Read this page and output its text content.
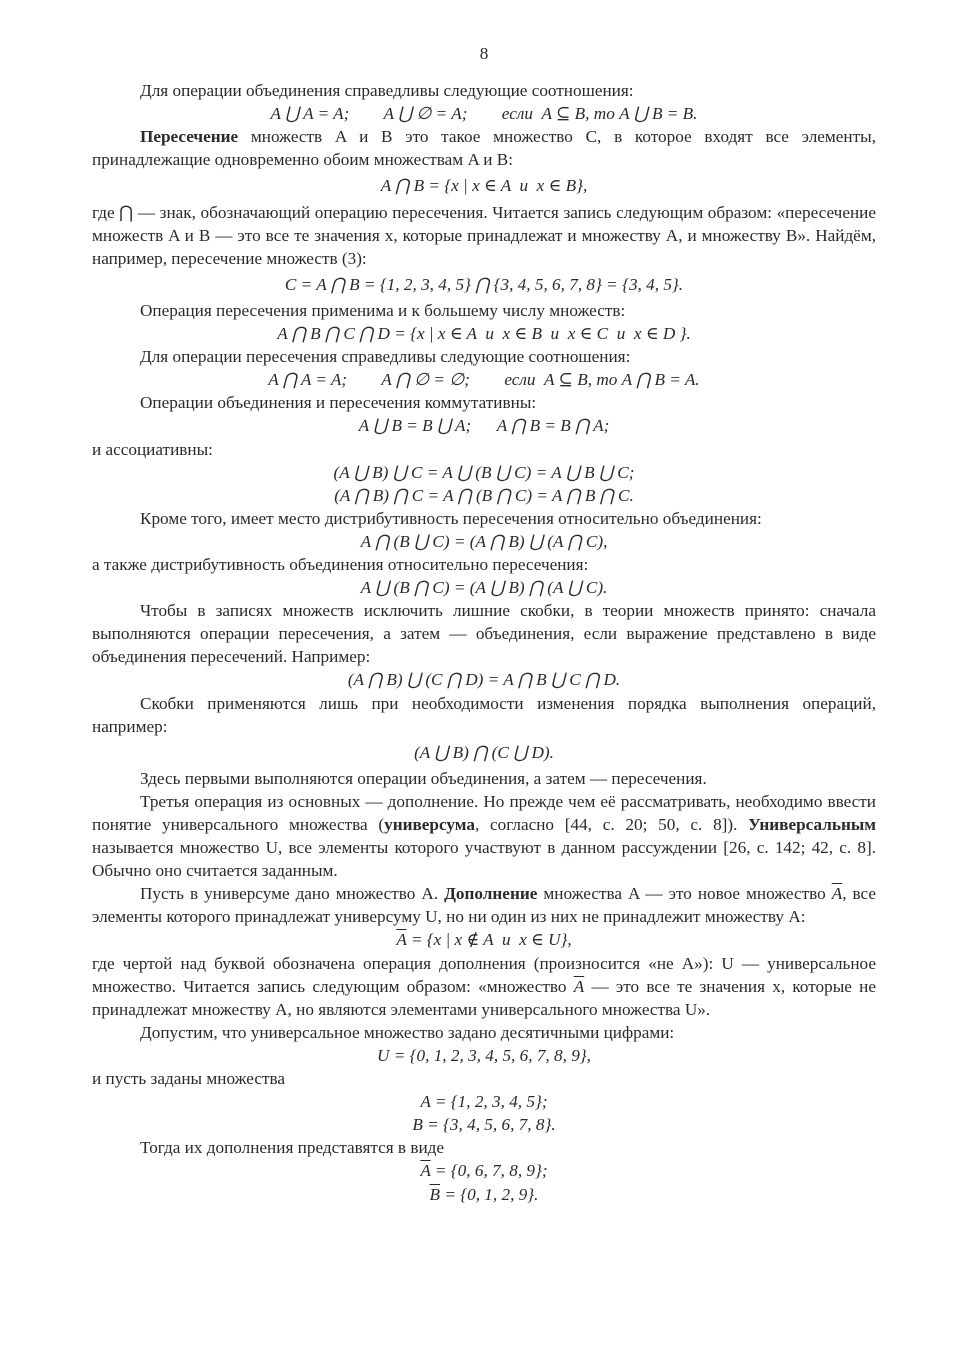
8

Для операции объединения справедливы следующие соотношения:

A ⋃ A = A;        A ⋃ ∅ = A;        если  A ⊆ B, то A ⋃ B = B.

Пересечение множеств A и B это такое множество C, в которое входят все элементы, принадлежащие одновременно обоим множествам A и B:

A ⋂ B = {x | x ∈ A  и  x ∈ B},

где ⋂ — знак, обозначающий операцию пересечения. Читается запись следующим образом: «пересечение множеств A и B — это все те значения x, которые принадлежат и множеству A, и множеству B». Найдём, например, пересечение множеств (3):

C = A ⋂ B = {1, 2, 3, 4, 5} ⋂ {3, 4, 5, 6, 7, 8} = {3, 4, 5}.

Операция пересечения применима и к большему числу множеств:

A ⋂ B ⋂ C ⋂ D = {x | x ∈ A  и  x ∈ B  и  x ∈ C  и  x ∈ D }.

Для операции пересечения справедливы следующие соотношения:

A ⋂ A = A;        A ⋂ ∅ = ∅;        если  A ⊆ B, то A ⋂ B = A.

Операции объединения и пересечения коммутативны:

A ⋃ B = B ⋃ A;      A ⋂ B = B ⋂ A;

и ассоциативны:

(A ⋃ B) ⋃ C = A ⋃ (B ⋃ C) = A ⋃ B ⋃ C;
(A ⋂ B) ⋂ C = A ⋂ (B ⋂ C) = A ⋂ B ⋂ C.

Кроме того, имеет место дистрибутивность пересечения относительно объединения:

A ⋂ (B ⋃ C) = (A ⋂ B) ⋃ (A ⋂ C),

а также дистрибутивность объединения относительно пересечения:

A ⋃ (B ⋂ C) = (A ⋃ B) ⋂ (A ⋃ C).

Чтобы в записях множеств исключить лишние скобки, в теории множеств принято: сначала выполняются операции пересечения, а затем — объединения, если выражение представлено в виде объединения пересечений. Например:

(A ⋂ B) ⋃ (C ⋂ D) = A ⋂ B ⋃ C ⋂ D.

Скобки применяются лишь при необходимости изменения порядка выполнения операций, например:

(A ⋃ B) ⋂ (C ⋃ D).

Здесь первыми выполняются операции объединения, а затем — пересечения.

Третья операция из основных — дополнение. Но прежде чем её рассматривать, необходимо ввести понятие универсального множества (универсума, согласно [44, с. 20; 50, с. 8]). Универсальным называется множество U, все элементы которого участвуют в данном рассуждении [26, с. 142; 42, с. 8]. Обычно оно считается заданным.

Пусть в универсуме дано множество A. Дополнение множества A — это новое множество $\overline{A}$, все элементы которого принадлежат универсуму U, но ни один из них не принадлежит множеству A:

$\overline{A} = \{x$ | x ∉ A  и  x ∈ U},

где чертой над буквой обозначена операция дополнения (произносится «не A»): U — универсальное множество. Читается запись следующим образом: «множество $\overline{A}$ — это все те значения x, которые не принадлежат множеству A, но являются элементами универсального множества U».

Допустим, что универсальное множество задано десятичными цифрами:

U = {0, 1, 2, 3, 4, 5, 6, 7, 8, 9},

и пусть заданы множества

A = {1, 2, 3, 4, 5};
B = {3, 4, 5, 6, 7, 8}.

Тогда их дополнения представятся в виде

$\overline{A} = \{0$, 6, 7, 8, 9};
$\overline{B} = \{0$, 1, 2, 9}.
